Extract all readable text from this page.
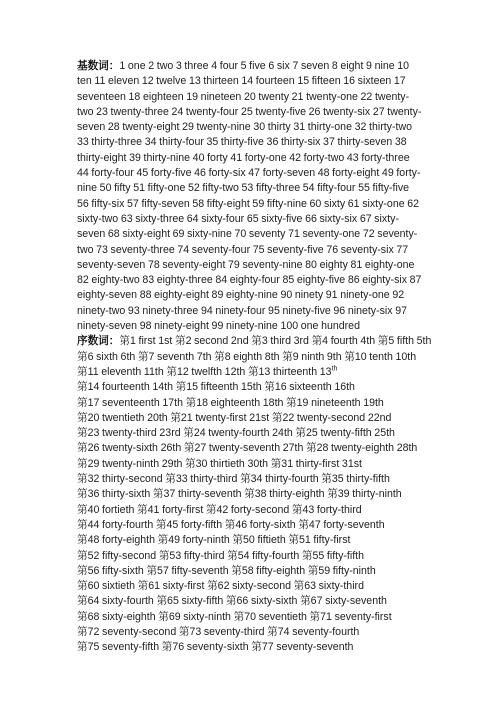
基数词：1 one 2 two 3 three 4 four 5 five 6 six 7 seven 8 eight 9 nine 10 ten 11 eleven 12 twelve 13 thirteen 14 fourteen 15 fifteen 16 sixteen 17 seventeen 18 eighteen 19 nineteen 20 twenty 21 twenty-one 22 twenty-two 23 twenty-three 24 twenty-four 25 twenty-five 26 twenty-six 27 twenty-seven 28 twenty-eight 29 twenty-nine 30 thirty 31 thirty-one 32 thirty-two 33 thirty-three 34 thirty-four 35 thirty-five 36 thirty-six 37 thirty-seven 38 thirty-eight 39 thirty-nine 40 forty 41 forty-one 42 forty-two 43 forty-three 44 forty-four 45 forty-five 46 forty-six 47 forty-seven 48 forty-eight 49 forty-nine 50 fifty 51 fifty-one 52 fifty-two 53 fifty-three 54 fifty-four 55 fifty-five 56 fifty-six 57 fifty-seven 58 fifty-eight 59 fifty-nine 60 sixty 61 sixty-one 62 sixty-two 63 sixty-three 64 sixty-four 65 sixty-five 66 sixty-six 67 sixty-seven 68 sixty-eight 69 sixty-nine 70 seventy 71 seventy-one 72 seventy-two 73 seventy-three 74 seventy-four 75 seventy-five 76 seventy-six 77 seventy-seven 78 seventy-eight 79 seventy-nine 80 eighty 81 eighty-one 82 eighty-two 83 eighty-three 84 eighty-four 85 eighty-five 86 eighty-six 87 eighty-seven 88 eighty-eight 89 eighty-nine 90 ninety 91 ninety-one 92 ninety-two 93 ninety-three 94 ninety-four 95 ninety-five 96 ninety-six 97 ninety-seven 98 ninety-eight 99 ninety-nine 100 one hundred

序数词：第1 first 1st 第2 second 2nd 第3 third 3rd 第4 fourth 4th 第5 fifth 5th
第6 sixth 6th 第7 seventh 7th 第8 eighth 8th 第9 ninth 9th 第10 tenth 10th
第11 eleventh 11th 第12 twelfth 12th 第13 thirteenth 13th
第14 fourteenth 14th 第15 fifteenth 15th 第16 sixteenth 16th
第17 seventeenth 17th 第18 eighteenth 18th 第19 nineteenth 19th
第20 twentieth 20th 第21 twenty-first 21st 第22 twenty-second 22nd
第23 twenty-third 23rd 第24 twenty-fourth 24th 第25 twenty-fifth 25th
第26 twenty-sixth 26th 第27 twenty-seventh 27th 第28 twenty-eighth 28th
第29 twenty-ninth 29th 第30 thirtieth 30th 第31 thirty-first 31st
第32 thirty-second 第33 thirty-third 第34 thirty-fourth 第35 thirty-fifth
第36 thirty-sixth 第37 thirty-seventh 第38 thirty-eighth 第39 thirty-ninth
第40 fortieth 第41 forty-first 第42 forty-second 第43 forty-third
第44 forty-fourth 第45 forty-fifth 第46 forty-sixth 第47 forty-seventh
第48 forty-eighth 第49 forty-ninth 第50 fiftieth 第51 fifty-first
第52 fifty-second 第53 fifty-third 第54 fifty-fourth 第55 fifty-fifth
第56 fifty-sixth 第57 fifty-seventh 第58 fifty-eighth 第59 fifty-ninth
第60 sixtieth 第61 sixty-first 第62 sixty-second 第63 sixty-third
第64 sixty-fourth 第65 sixty-fifth 第66 sixty-sixth 第67 sixty-seventh
第68 sixty-eighth 第69 sixty-ninth 第70 seventieth 第71 seventy-first
第72 seventy-second 第73 seventy-third 第74 seventy-fourth
第75 seventy-fifth 第76 seventy-sixth 第77 seventy-seventh
